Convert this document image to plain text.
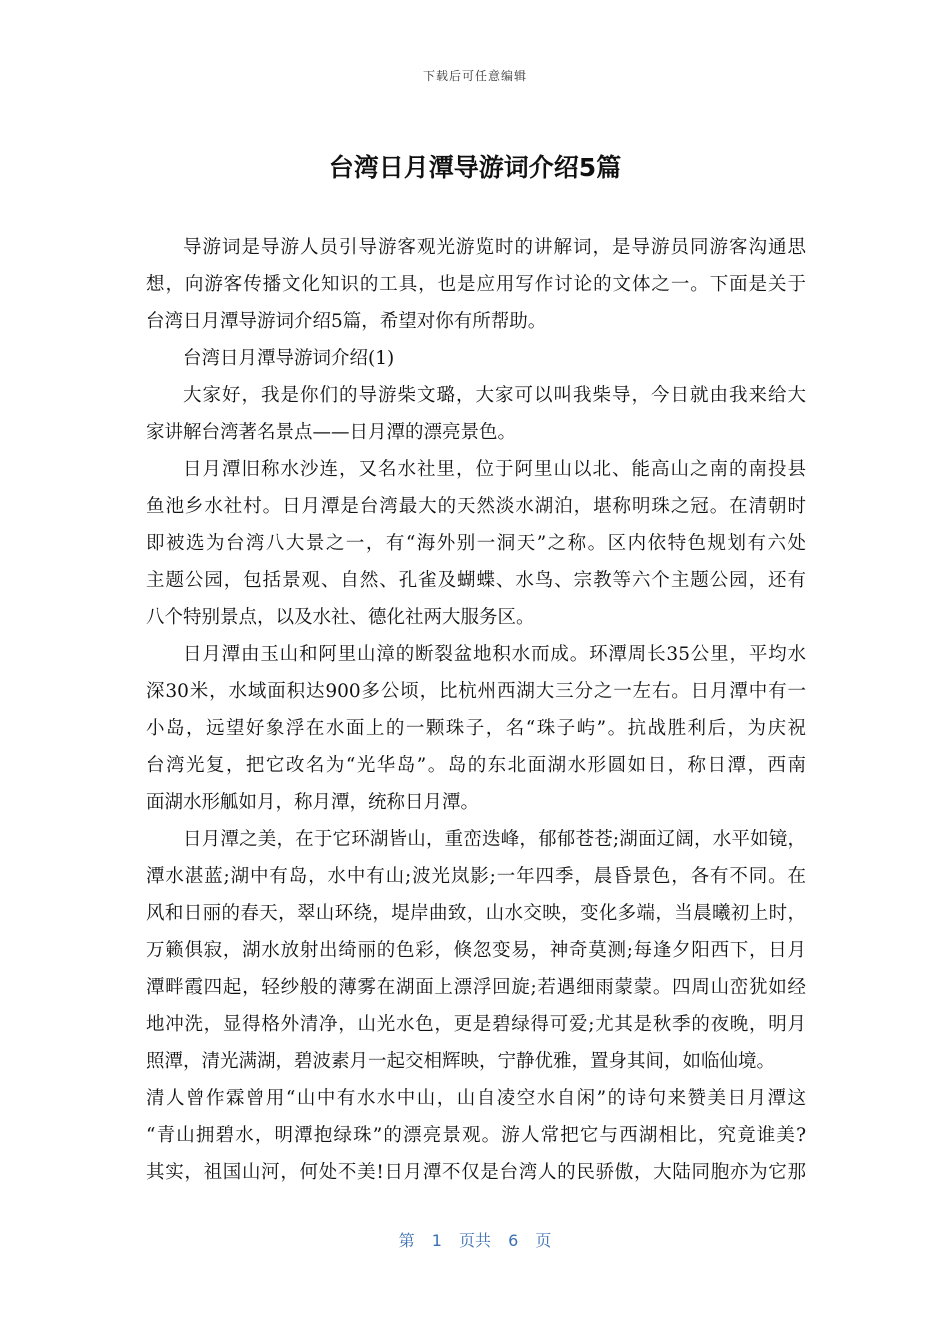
下载后可任意编辑
台湾日月潭导游词介绍5篇
导游词是导游人员引导游客观光游览时的讲解词，是导游员同游客沟通思
想，向游客传播文化知识的工具，也是应用写作讨论的文体之一。下面是关于
台湾日月潭导游词介绍5篇，希望对你有所帮助。
台湾日月潭导游词介绍(1)
大家好，我是你们的导游柴文璐，大家可以叫我柴导，今日就由我来给大
家讲解台湾著名景点——日月潭的漂亮景色。
日月潭旧称水沙连，又名水社里，位于阿里山以北、能高山之南的南投县
鱼池乡水社村。日月潭是台湾最大的天然淡水湖泊，堪称明珠之冠。在清朝时
即被选为台湾八大景之一，有“海外别一洞天”之称。区内依特色规划有六处
主题公园，包括景观、自然、孔雀及蝴蝶、水鸟、宗教等六个主题公园，还有
八个特别景点，以及水社、德化社两大服务区。
日月潭由玉山和阿里山漳的断裂盆地积水而成。环潭周长35公里，平均水
深30米，水域面积达900多公顷，比杭州西湖大三分之一左右。日月潭中有一
小岛，远望好象浮在水面上的一颗珠子，名“珠子屿”。抗战胜利后，为庆祝
台湾光复，把它改名为“光华岛”。岛的东北面湖水形圆如日，称日潭，西南
面湖水形觚如月，称月潭，统称日月潭。
日月潭之美，在于它环湖皆山，重峦迭峰，郁郁苍苍;湖面辽阔，水平如镜，
潭水湛蓝;湖中有岛，水中有山;波光岚影;一年四季，晨昏景色，各有不同。在
风和日丽的春天，翠山环绕，堤岸曲致，山水交映，变化多端，当晨曦初上时，
万籁俱寂，湖水放射出绮丽的色彩，倏忽变易，神奇莫测;每逢夕阳西下，日月
潭畔霞四起，轻纱般的薄雾在湖面上漂浮回旋;若遇细雨蒙蒙。四周山峦犹如经
地冲洗，显得格外清净，山光水色，更是碧绿得可爱;尤其是秋季的夜晚，明月
照潭，清光满湖，碧波素月一起交相辉映，宁静优雅，置身其间，如临仙境。
清人曾作霖曾用“山中有水水中山，山自凌空水自闲”的诗句来赞美日月潭这
“青山拥碧水，明潭抱绿珠”的漂亮景观。游人常把它与西湖相比，究竟谁美?
其实，祖国山河，何处不美!日月潭不仅是台湾人的民骄傲，大陆同胞亦为它那
第 1 页共 6 页
